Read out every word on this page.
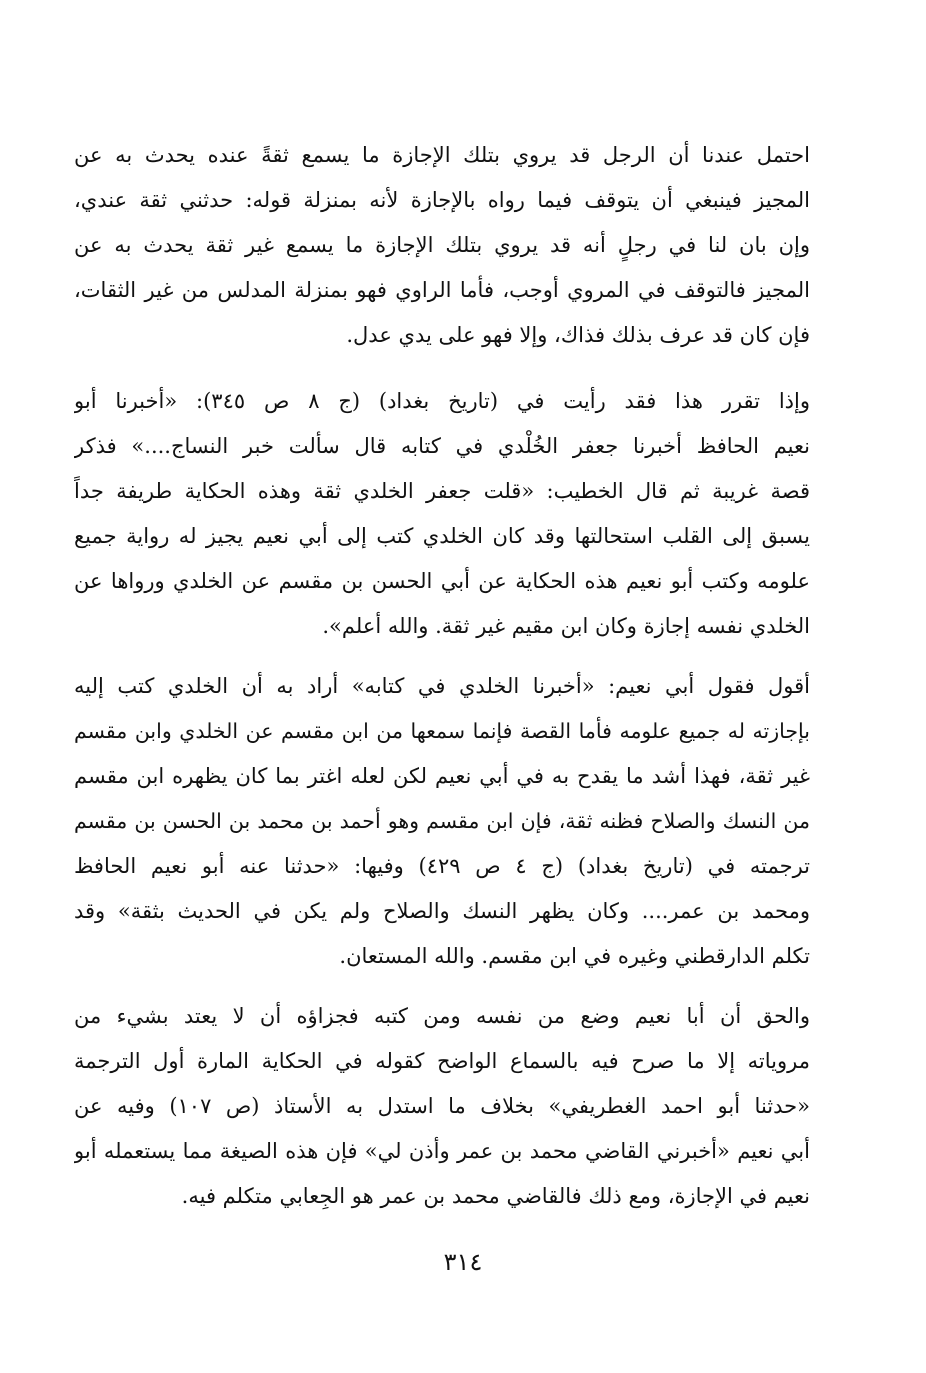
احتمل عندنا أن الرجل قد يروي بتلك الإجازة ما يسمع ثقةً عنده يحدث به عن
المجيز فينبغي أن يتوقف فيما رواه بالإجازة لأنه بمنزلة قوله: حدثني ثقة عندي،
وإن بان لنا في رجلٍ أنه قد يروي بتلك الإجازة ما يسمع غير ثقة يحدث به عن
المجيز فالتوقف في المروي أوجب، فأما الراوي فهو بمنزلة المدلس من غير الثقات،
فإن كان قد عرف بذلك فذاك، وإلا فهو على يدي عدل.
وإذا تقرر هذا فقد رأيت في (تاريخ بغداد) (ج ٨ ص ٣٤٥): «أخبرنا أبو
نعيم الحافظ أخبرنا جعفر الخُلْدي في كتابه قال سألت خبر النساج....» فذكر
قصة غريبة ثم قال الخطيب: «قلت جعفر الخلدي ثقة وهذه الحكاية طريفة جداً
يسبق إلى القلب استحالتها وقد كان الخلدي كتب إلى أبي نعيم يجيز له رواية جميع
علومه وكتب أبو نعيم هذه الحكاية عن أبي الحسن بن مقسم عن الخلدي ورواها عن
الخلدي نفسه إجازة وكان ابن مقيم غير ثقة. والله أعلم».
أقول فقول أبي نعيم: «أخبرنا الخلدي في كتابه» أراد به أن الخلدي كتب إليه
بإجازته له جميع علومه فأما القصة فإنما سمعها من ابن مقسم عن الخلدي وابن مقسم
غير ثقة، فهذا أشد ما يقدح به في أبي نعيم لكن لعله اغتر بما كان يظهره ابن مقسم
من النسك والصلاح فظنه ثقة، فإن ابن مقسم وهو أحمد بن محمد بن الحسن بن مقسم
ترجمته في (تاريخ بغداد) (ج ٤ ص ٤٢٩) وفيها: «حدثنا عنه أبو نعيم الحافظ
ومحمد بن عمر.... وكان يظهر النسك والصلاح ولم يكن في الحديث بثقة» وقد
تكلم الدارقطني وغيره في ابن مقسم. والله المستعان.
والحق أن أبا نعيم وضع من نفسه ومن كتبه فجزاؤه أن لا يعتد بشيء من
مروياته إلا ما صرح فيه بالسماع الواضح كقوله في الحكاية المارة أول الترجمة
«حدثنا أبو احمد الغطريفي» بخلاف ما استدل به الأستاذ (ص ١٠٧) وفيه عن
أبي نعيم «أخبرني القاضي محمد بن عمر وأذن لي» فإن هذه الصيغة مما يستعمله أبو
نعيم في الإجازة، ومع ذلك فالقاضي محمد بن عمر هو الجِعابي متكلم فيه.
٣١٤
